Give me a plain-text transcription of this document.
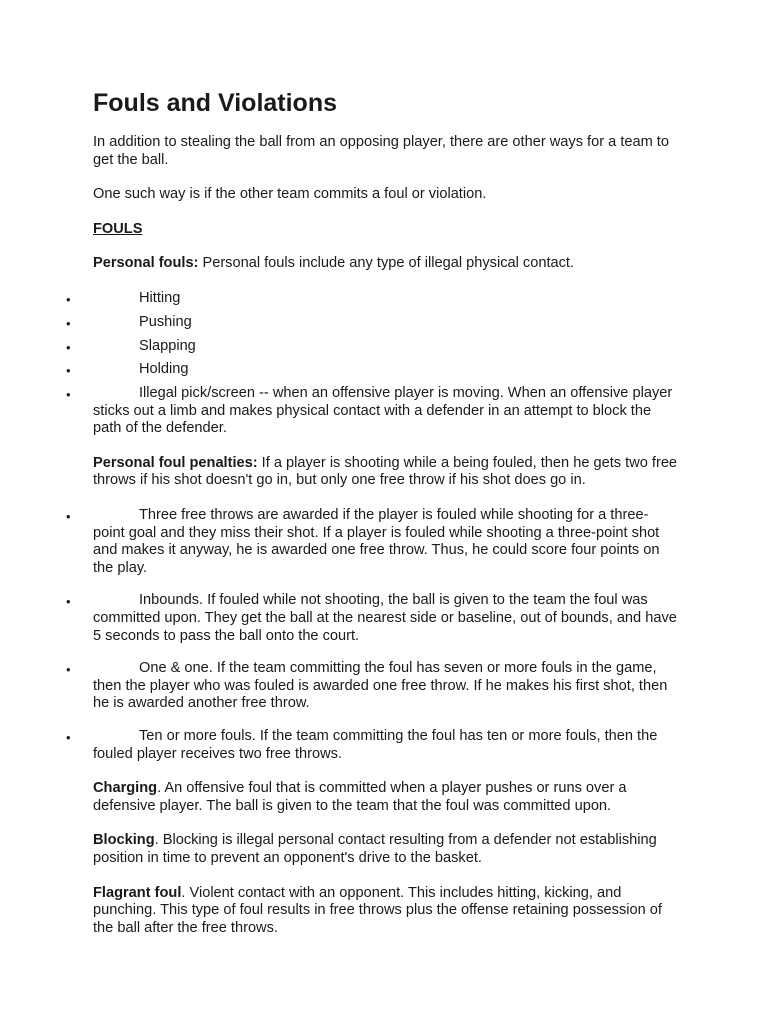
Fouls and Violations

In addition to stealing the ball from an opposing player, there are other ways for a team to get the ball.

One such way is if the other team commits a foul or violation.

FOULS

Personal fouls: Personal fouls include any type of illegal physical contact.

• Hitting
• Pushing
• Slapping
• Holding
• Illegal pick/screen -- when an offensive player is moving. When an offensive player sticks out a limb and makes physical contact with a defender in an attempt to block the path of the defender.

Personal foul penalties: If a player is shooting while a being fouled, then he gets two free throws if his shot doesn't go in, but only one free throw if his shot does go in.

• Three free throws are awarded if the player is fouled while shooting for a three-point goal and they miss their shot. If a player is fouled while shooting a three-point shot and makes it anyway, he is awarded one free throw. Thus, he could score four points on the play.
• Inbounds. If fouled while not shooting, the ball is given to the team the foul was committed upon. They get the ball at the nearest side or baseline, out of bounds, and have 5 seconds to pass the ball onto the court.
• One & one. If the team committing the foul has seven or more fouls in the game, then the player who was fouled is awarded one free throw. If he makes his first shot, then he is awarded another free throw.
• Ten or more fouls. If the team committing the foul has ten or more fouls, then the fouled player receives two free throws.

Charging. An offensive foul that is committed when a player pushes or runs over a defensive player. The ball is given to the team that the foul was committed upon.

Blocking. Blocking is illegal personal contact resulting from a defender not establishing position in time to prevent an opponent's drive to the basket.

Flagrant foul. Violent contact with an opponent. This includes hitting, kicking, and punching. This type of foul results in free throws plus the offense retaining possession of the ball after the free throws.
